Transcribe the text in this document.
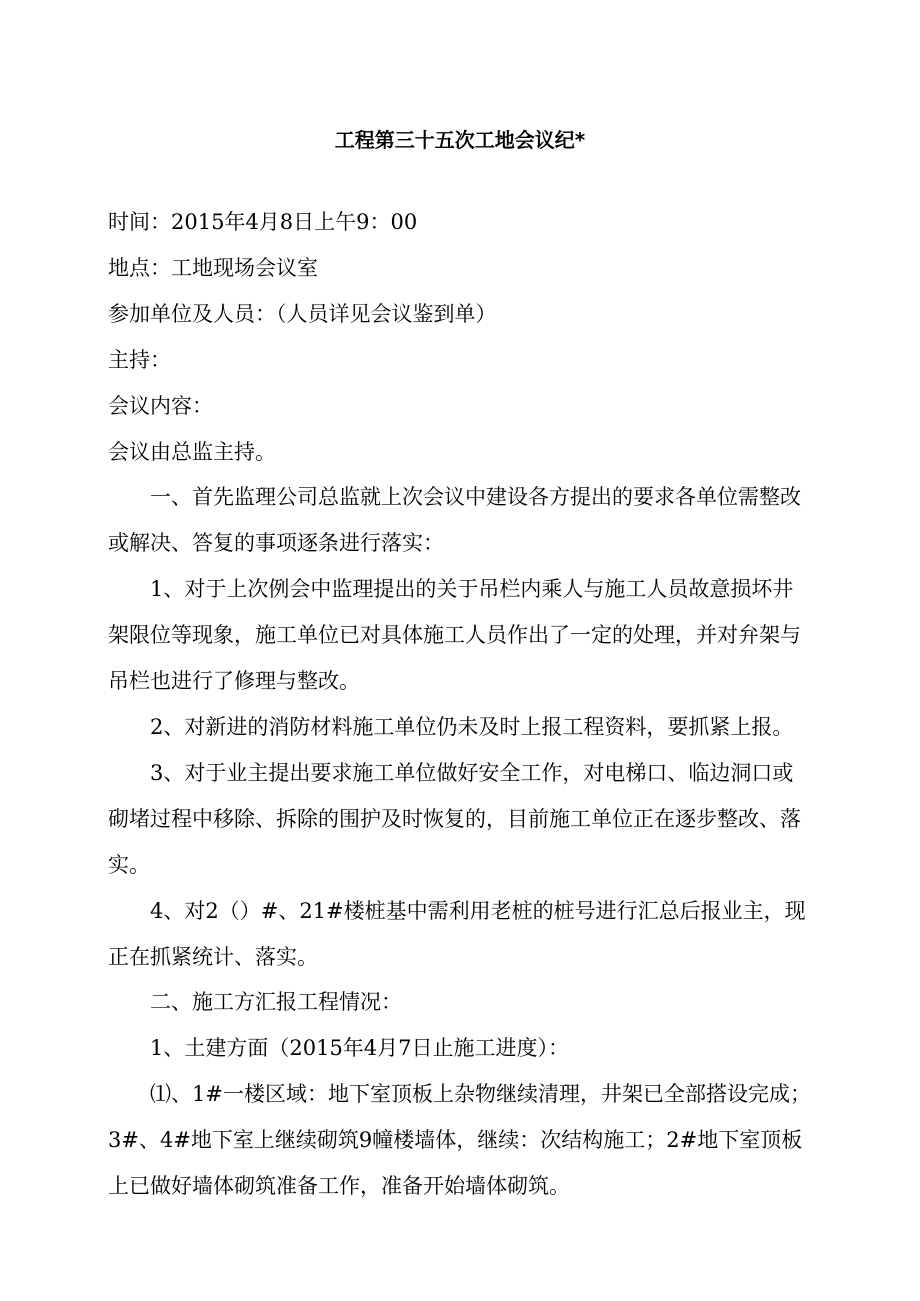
工程第三十五次工地会议纪*

时间：2015年4月8日上午9：00

地点：工地现场会议室

参加单位及人员：（人员详见会议鉴到单）

主持：

会议内容：

会议由总监主持。

一、首先监理公司总监就上次会议中建设各方提出的要求各单位需整改或解决、答复的事项逐条进行落实：

1、对于上次例会中监理提出的关于吊栏内乘人与施工人员故意损坏井架限位等现象，施工单位已对具体施工人员作出了一定的处理，并对弁架与吊栏也进行了修理与整改。

2、对新进的消防材料施工单位仍未及时上报工程资料，要抓紧上报。

3、对于业主提出要求施工单位做好安全工作，对电梯口、临边洞口或砌堵过程中移除、拆除的围护及时恢复的，目前施工单位正在逐步整改、落实。

4、对2（）#、21#楼桩基中需利用老桩的桩号进行汇总后报业主，现正在抓紧统计、落实。

二、施工方汇报工程情况：

1、土建方面（2015年4月7日止施工进度）：

⑴、1#一楼区域：地下室顶板上杂物继续清理，井架已全部搭设完成；3#、4#地下室上继续砌筑9幢楼墙体，继续：次结构施工；2#地下室顶板上已做好墙体砌筑准备工作，准备开始墙体砌筑。
